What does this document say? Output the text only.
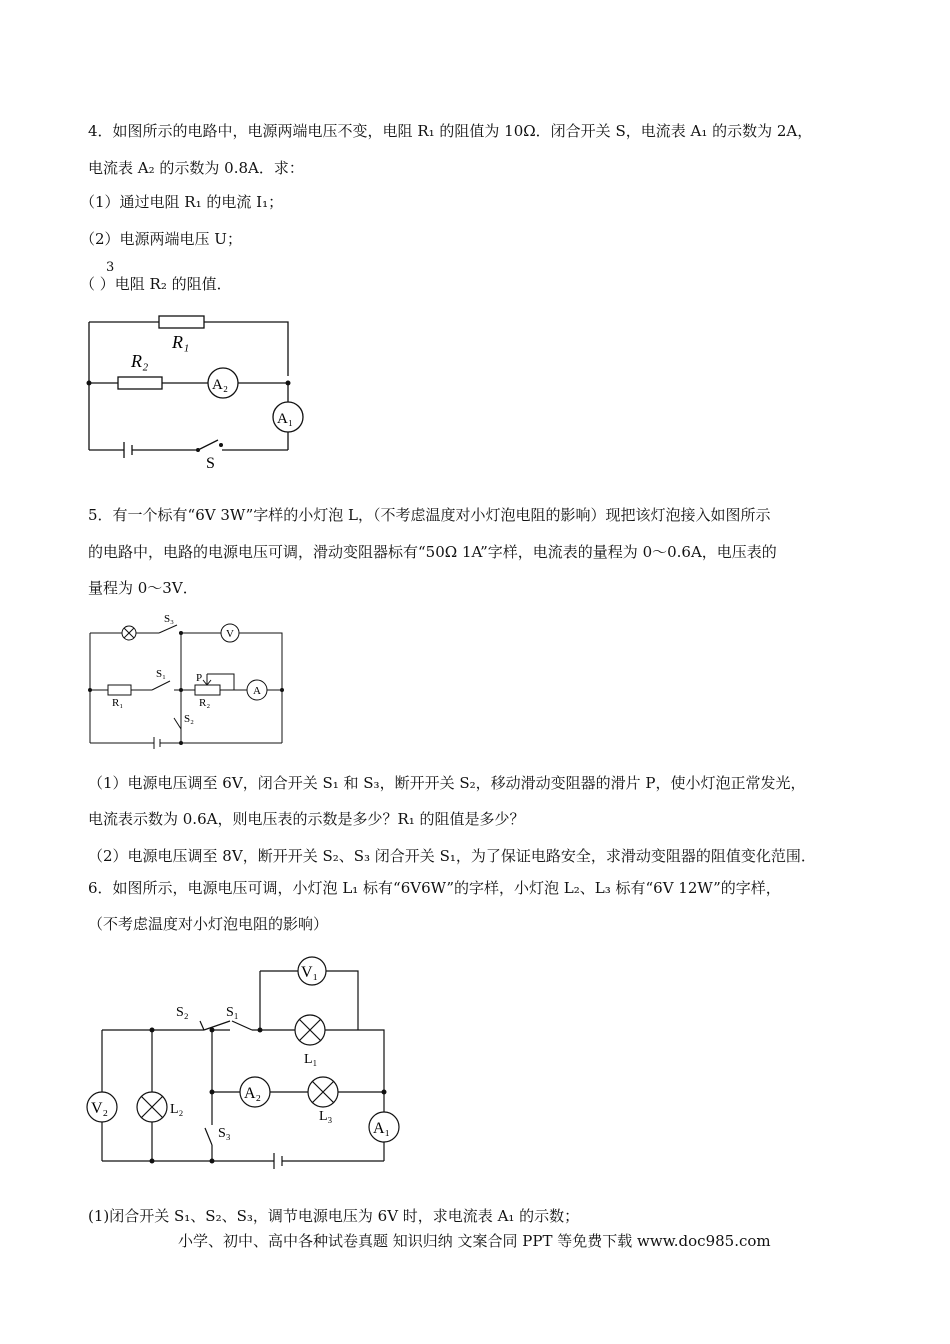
4．如图所示的电路中，电源两端电压不变，电阻 R₁ 的阻值为 10Ω．闭合开关 S，电流表 A₁ 的示数为 2A，
电流表 A₂ 的示数为 0.8A．求：
（1）通过电阻 R₁ 的电流 I₁；
（2）电源两端电压 U；
3
（ ）电阻 R₂ 的阻值．
R₁
R₂
A₂
A₁
S
5．有一个标有“6V 3W”字样的小灯泡 L，（不考虑温度对小灯泡电阻的影响）现把该灯泡接入如图所示
的电路中，电路的电源电压可调，滑动变阻器标有“50Ω 1A”字样，电流表的量程为 0～0.6A，电压表的
量程为 0～3V．
S₃
V
S₁	P
A
R₁	R₂
S₂
（1）电源电压调至 6V，闭合开关 S₁ 和 S₃，断开开关 S₂，移动滑动变阻器的滑片 P，使小灯泡正常发光，
电流表示数为 0.6A，则电压表的示数是多少？R₁ 的阻值是多少？
（2）电源电压调至 8V，断开开关 S₂、S₃ 闭合开关 S₁，为了保证电路安全，求滑动变阻器的阻值变化范围．
6．如图所示，电源电压可调，小灯泡 L₁ 标有“6V6W”的字样，小灯泡 L₂、L₃ 标有“6V 12W”的字样，
（不考虑温度对小灯泡电阻的影响）
V₁
S₂	S₁
L₁
V₂	L₂
A₂
L₃
A₁
S₃
(1)闭合开关 S₁、S₂、S₃，调节电源电压为 6V 时，求电流表 A₁ 的示数；
小学、初中、高中各种试卷真题 知识归纳 文案合同 PPT 等免费下载 www.doc985.com
